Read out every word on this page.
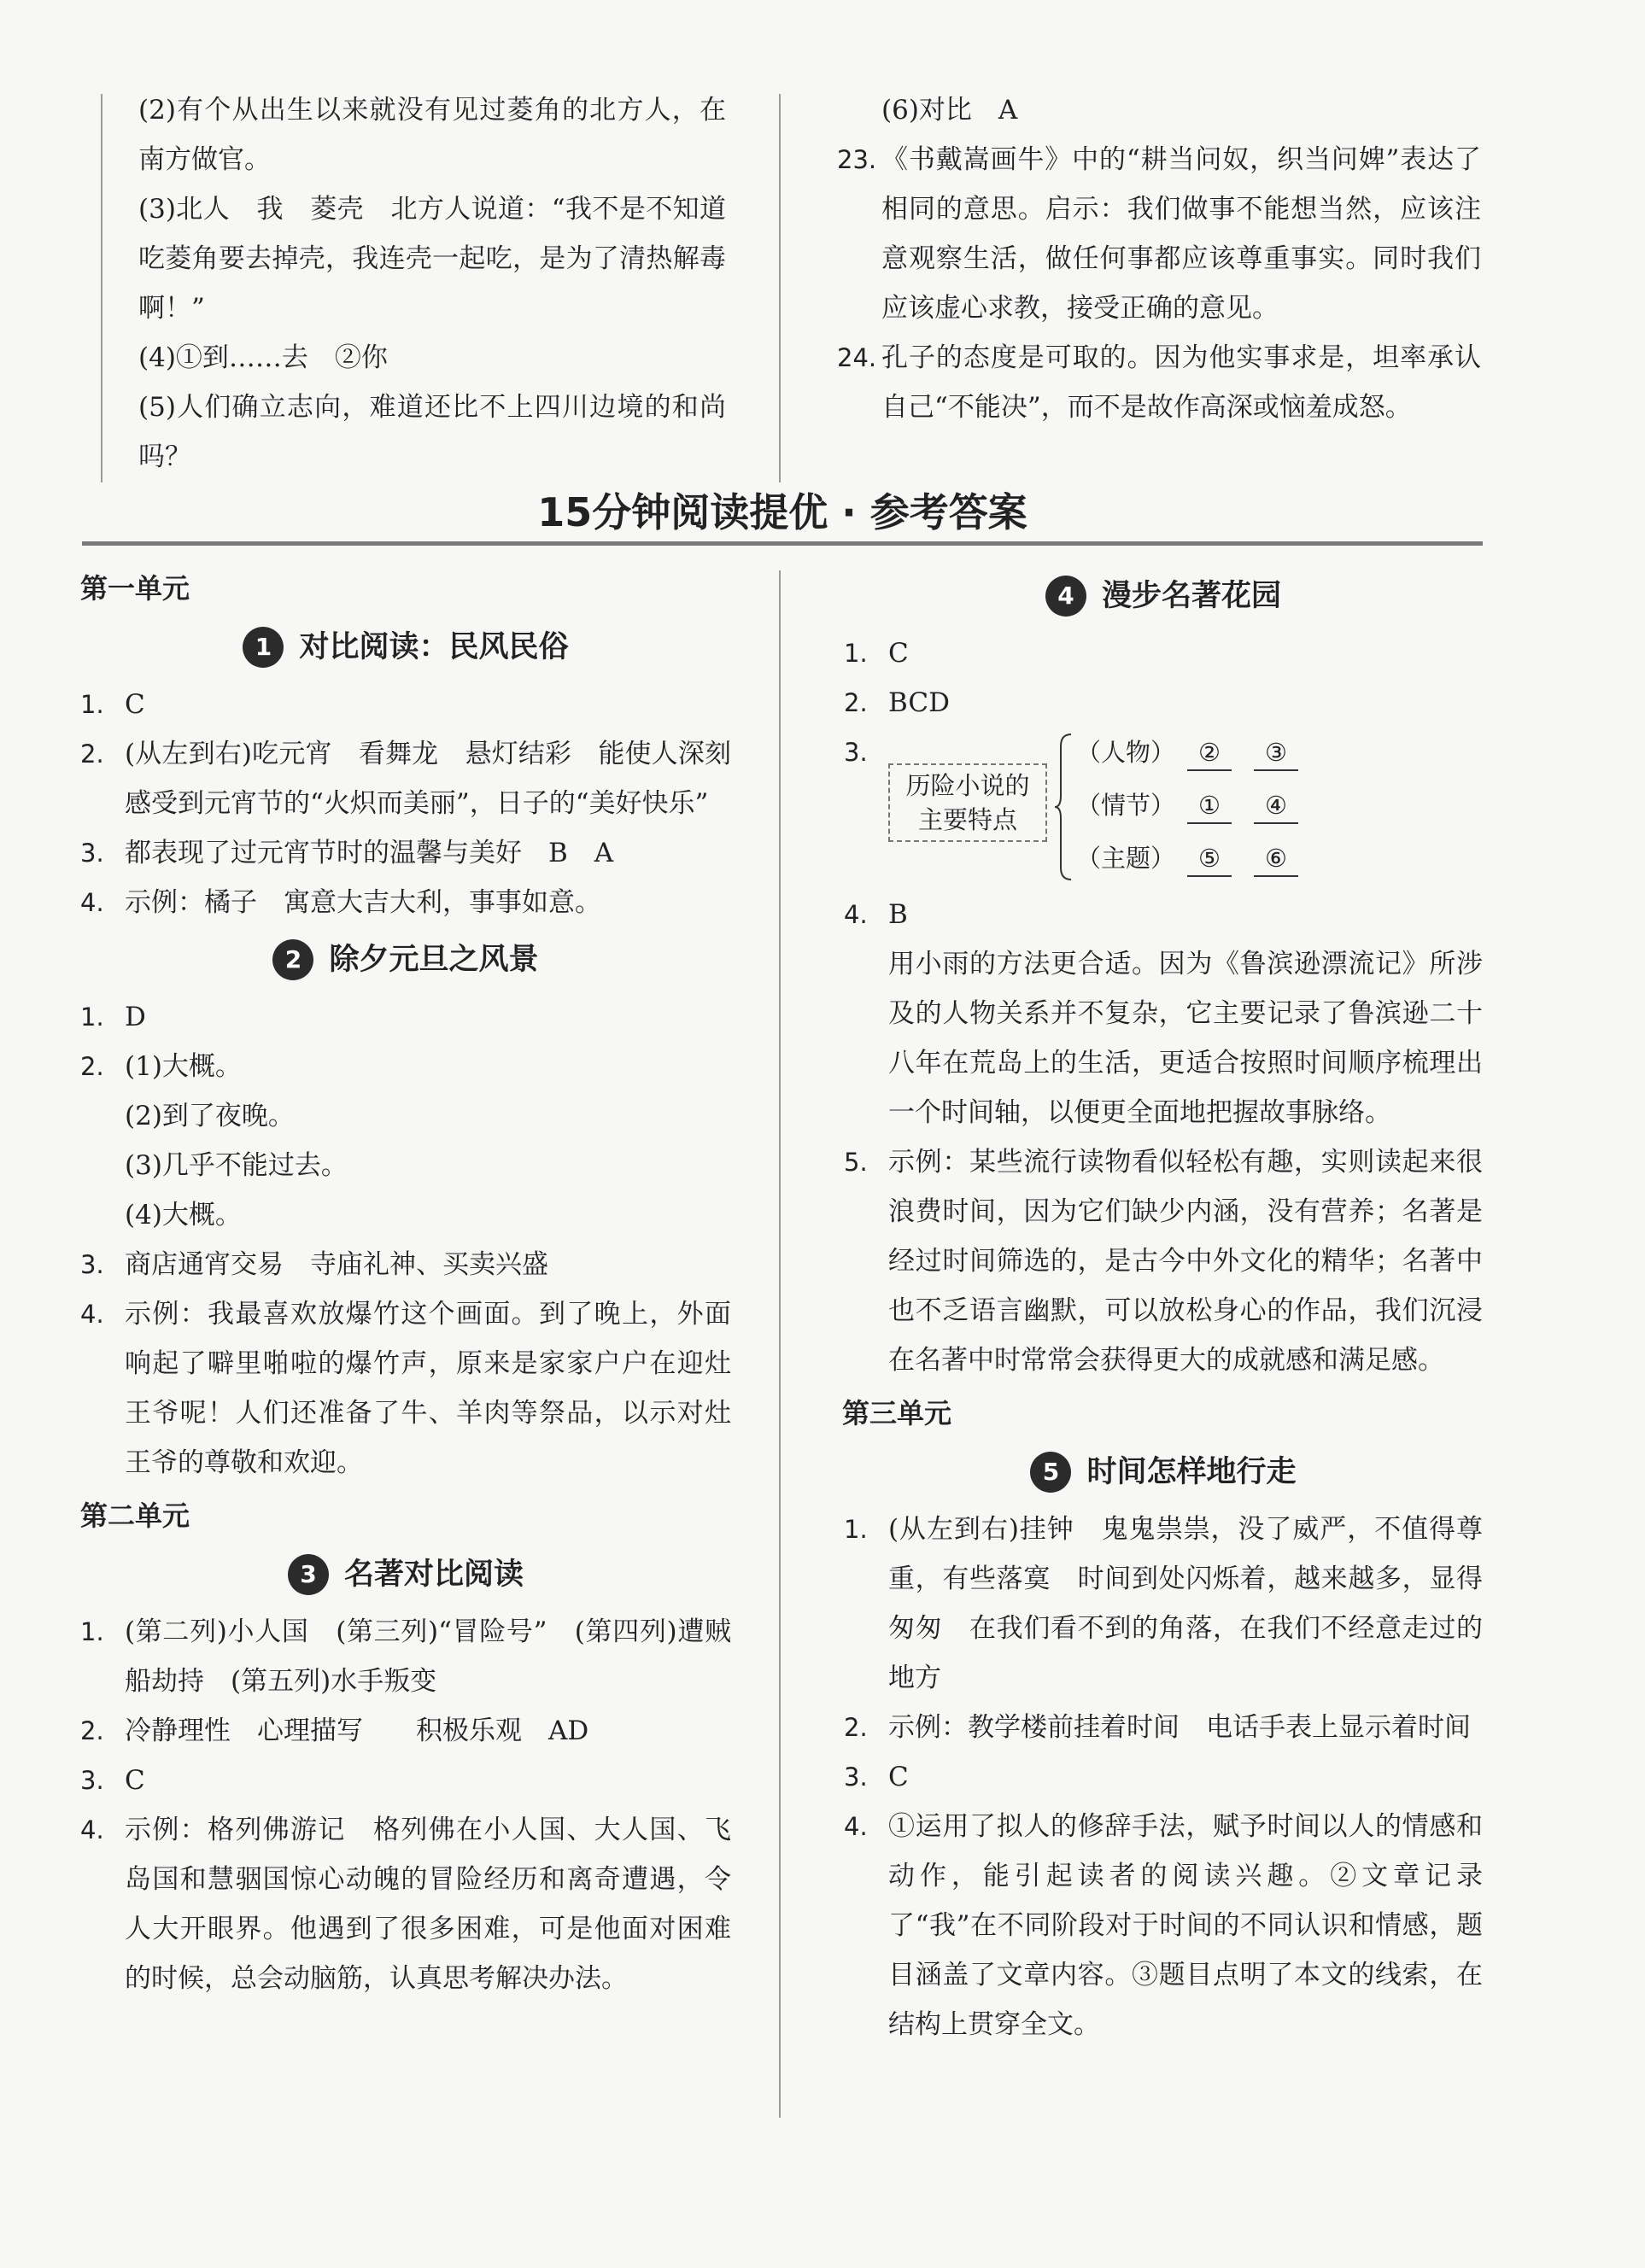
(2)有个从出生以来就没有见过菱角的北方人，在南方做官。
(3)北人　我　菱壳　北方人说道：“我不是不知道吃菱角要去掉壳，我连壳一起吃，是为了清热解毒啊！”
(4)①到……去　②你
(5)人们确立志向，难道还比不上四川边境的和尚吗？
(6)对比　A
23. 《书戴嵩画牛》中的“耕当问奴，织当问婢”表达了相同的意思。启示：我们做事不能想当然，应该注意观察生活，做任何事都应该尊重事实。同时我们应该虚心求教，接受正确的意见。
24. 孔子的态度是可取的。因为他实事求是，坦率承认自己“不能决”，而不是故作高深或恼羞成怒。
15分钟阅读提优 · 参考答案
第一单元
1 对比阅读：民风民俗
1. C
2. (从左到右)吃元宵　看舞龙　悬灯结彩　能使人深刻感受到元宵节的“火炽而美丽”，日子的“美好快乐”
3. 都表现了过元宵节时的温馨与美好　B　A
4. 示例：橘子　寓意大吉大利，事事如意。
2 除夕元旦之风景
1. D
2. (1)大概。
(2)到了夜晚。
(3)几乎不能过去。
(4)大概。
3. 商店通宵交易　寺庙礼神、买卖兴盛
4. 示例：我最喜欢放爆竹这个画面。到了晚上，外面响起了噼里啪啦的爆竹声，原来是家家户户在迎灶王爷呢！人们还准备了牛、羊肉等祭品，以示对灶王爷的尊敬和欢迎。
第二单元
3 名著对比阅读
1. (第二列)小人国　(第三列)“冒险号”　(第四列)遭贼船劫持　(第五列)水手叛变
2. 冷静理性　心理描写　　积极乐观　AD
3. C
4. 示例：格列佛游记　格列佛在小人国、大人国、飞岛国和慧骃国惊心动魄的冒险经历和离奇遭遇，令人大开眼界。他遇到了很多困难，可是他面对困难的时候，总会动脑筋，认真思考解决办法。
4 漫步名著花园
1. C
2. BCD
3.
历险小说的
主要特点
（人物） ② ③
（情节） ① ④
（主题） ⑤ ⑥
4. B
用小雨的方法更合适。因为《鲁滨逊漂流记》所涉及的人物关系并不复杂，它主要记录了鲁滨逊二十八年在荒岛上的生活，更适合按照时间顺序梳理出一个时间轴，以便更全面地把握故事脉络。
5. 示例：某些流行读物看似轻松有趣，实则读起来很浪费时间，因为它们缺少内涵，没有营养；名著是经过时间筛选的，是古今中外文化的精华；名著中也不乏语言幽默，可以放松身心的作品，我们沉浸在名著中时常常会获得更大的成就感和满足感。
第三单元
5 时间怎样地行走
1. (从左到右)挂钟　鬼鬼祟祟，没了威严，不值得尊重，有些落寞　时间到处闪烁着，越来越多，显得匆匆　在我们看不到的角落，在我们不经意走过的地方
2. 示例：教学楼前挂着时间　电话手表上显示着时间
3. C
4. ①运用了拟人的修辞手法，赋予时间以人的情感和动作，能引起读者的阅读兴趣。②文章记录了“我”在不同阶段对于时间的不同认识和情感，题目涵盖了文章内容。③题目点明了本文的线索，在结构上贯穿全文。
